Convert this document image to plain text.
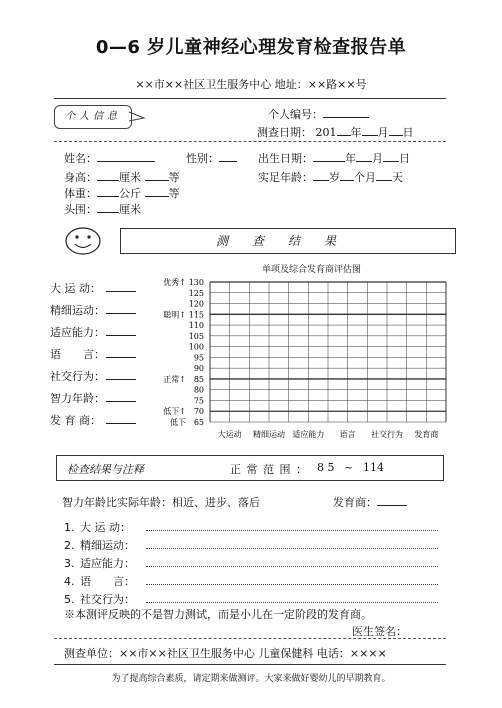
0—6 岁儿童神经心理发育检查报告单
××市××社区卫生服务中心 地址：××路××号
个人信息	个人编号：
测查日期： 201 年 月 日
姓名：	性别：	出生日期：	年 月 日
身高： 厘米	等	实足年龄： 岁 个月 天
体重： 公斤	等
头围： 厘米
测查结果
大 运 动：
精细运动：
适应能力：
语　　言：
社交行为：
智力年龄：
发 育 商：
单项及综合发育商评估图
130
125
120
115
110
105
100
95
90
85
80
75
70
65
优秀↑
聪明↑
正常↑
低下↑
低下
大运动 精细运动 适应能力 语言 社交行为 发育商
检查结果与注释	正 常 范 围 ： 8 5 ~ 114
智力年龄比实际年龄：相近、进步、落后	发育商：
1. 大 运 动：
2. 精细运动：
3. 适应能力：
4. 语　　言：
5. 社交行为：
※本测评反映的不是智力测试，而是小儿在一定阶段的发育商。
医生签名：
测查单位：××市××社区卫生服务中心 儿童保健科 电话：××××
为了提高综合素质，请定期来做测评。大家来做好婴幼儿的早期教育。
